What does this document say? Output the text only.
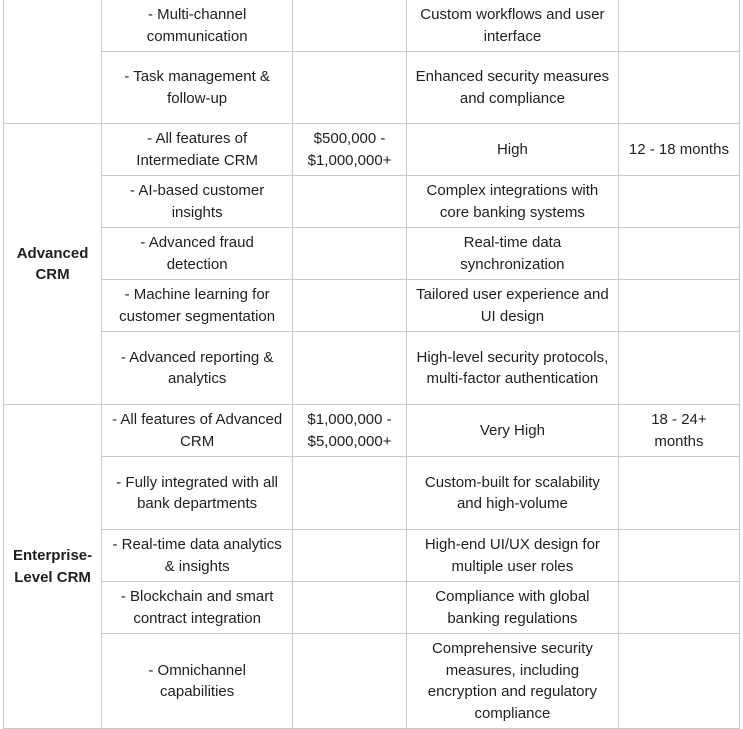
	- Multi-channel communication		Custom workflows and user interface	
	- Task management & follow-up		Enhanced security measures and compliance	
Advanced CRM	- All features of Intermediate CRM	$500,000 - $1,000,000+	High	12 - 18 months
	- AI-based customer insights		Complex integrations with core banking systems	
	- Advanced fraud detection		Real-time data synchronization	
	- Machine learning for customer segmentation		Tailored user experience and UI design	
	- Advanced reporting & analytics		High-level security protocols, multi-factor authentication	
Enterprise-Level CRM	- All features of Advanced CRM	$1,000,000 - $5,000,000+	Very High	18 - 24+ months
	- Fully integrated with all bank departments		Custom-built for scalability and high-volume	
	- Real-time data analytics & insights		High-end UI/UX design for multiple user roles	
	- Blockchain and smart contract integration		Compliance with global banking regulations	
	- Omnichannel capabilities		Comprehensive security measures, including encryption and regulatory compliance	
